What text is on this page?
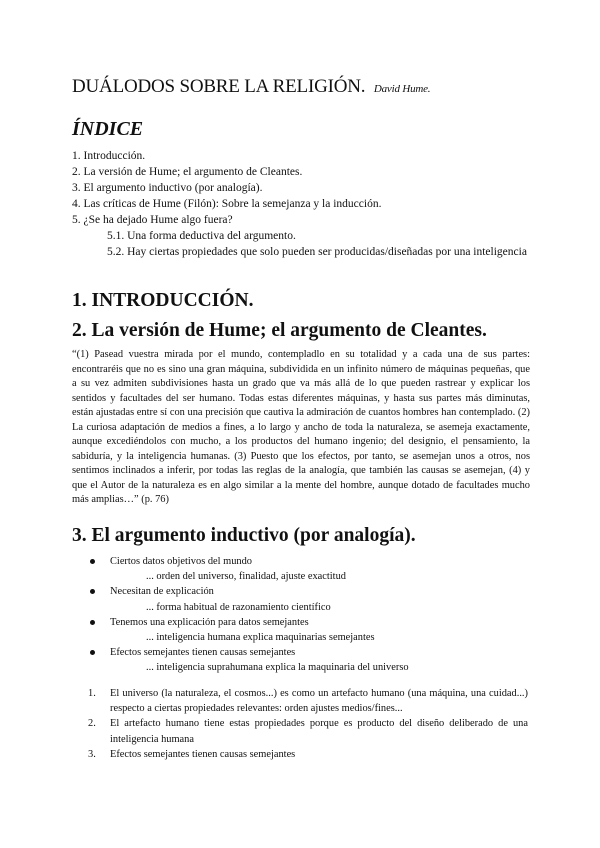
DUÁLODOS SOBRE LA RELIGIÓN. David Hume.
ÍNDICE
1. Introducción.
2. La versión de Hume; el argumento de Cleantes.
3. El argumento inductivo (por analogía).
4. Las críticas de Hume (Filón): Sobre la semejanza y la inducción.
5. ¿Se ha dejado Hume algo fuera?
5.1. Una forma deductiva del argumento.
5.2. Hay ciertas propiedades que solo pueden ser producidas/diseñadas por una inteligencia
1. INTRODUCCIÓN.
2. La versión de Hume; el argumento de Cleantes.
“(1) Pasead vuestra mirada por el mundo, contempladlo en su totalidad y a cada una de sus partes: encontraréis que no es sino una gran máquina, subdividida en un infinito número de máquinas pequeñas, que a su vez admiten subdivisiones hasta un grado que va más allá de lo que pueden rastrear y explicar los sentidos y facultades del ser humano. Todas estas diferentes máquinas, y hasta sus partes más diminutas, están ajustadas entre sí con una precisión que cautiva la admiración de cuantos hombres han contemplado. (2) La curiosa adaptación de medios a fines, a lo largo y ancho de toda la naturaleza, se asemeja exactamente, aunque excediéndolos con mucho, a los productos del humano ingenio; del designio, el pensamiento, la sabiduría, y la inteligencia humanas. (3) Puesto que los efectos, por tanto, se asemejan unos a otros, nos sentimos inclinados a inferir, por todas las reglas de la analogía, que también las causas se asemejan, (4) y que el Autor de la naturaleza es en algo similar a la mente del hombre, aunque dotado de facultades mucho más amplias…” (p. 76)
3. El argumento inductivo (por analogía).
Ciertos datos objetivos del mundo
... orden del universo, finalidad, ajuste exactitud
Necesitan de explicación
... forma habitual de razonamiento científico
Tenemos una explicación para datos semejantes
... inteligencia humana explica maquinarias semejantes
Efectos semejantes tienen causas semejantes
... inteligencia suprahumana explica la maquinaria del universo
1. El universo (la naturaleza, el cosmos...) es como un artefacto humano (una máquina, una cuidad...) respecto a ciertas propiedades relevantes: orden ajustes medios/fines...
2. El artefacto humano tiene estas propiedades porque es producto del diseño deliberado de una inteligencia humana
3. Efectos semejantes tienen causas semejantes
